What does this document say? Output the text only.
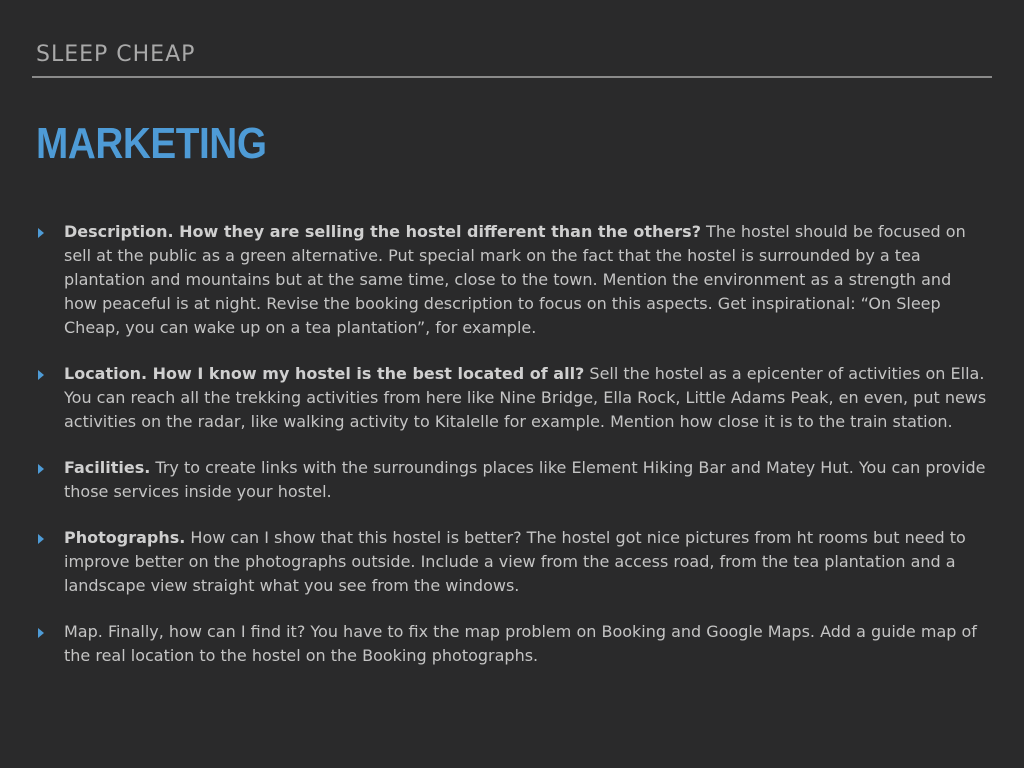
SLEEP CHEAP
MARKETING
Description. How they are selling the hostel different than the others? The hostel should be focused on sell at the public as a green alternative. Put special mark on the fact that the hostel is surrounded by a tea plantation and mountains but at the same time, close to the town. Mention the environment as a strength and how peaceful is at night. Revise the booking description to focus on this aspects. Get inspirational: “On Sleep Cheap, you can wake up on a tea plantation”, for example.
Location. How I know my hostel is the best located of all? Sell the hostel as a epicenter of activities on Ella. You can reach all the trekking activities from here like Nine Bridge, Ella Rock, Little Adams Peak, en even, put news activities on the radar, like walking activity to Kitalelle for example. Mention how close it is to the train station.
Facilities. Try to create links with the surroundings places like Element Hiking Bar and Matey Hut. You can provide those services inside your hostel.
Photographs. How can I show that this hostel is better? The hostel got nice pictures from ht rooms but need to improve better on the photographs outside. Include a view from the access road, from the tea plantation and a landscape view straight what you see from the windows.
Map. Finally, how can I find it? You have to fix the map problem on Booking and Google Maps. Add a guide map of the real location to the hostel on the Booking photographs.
